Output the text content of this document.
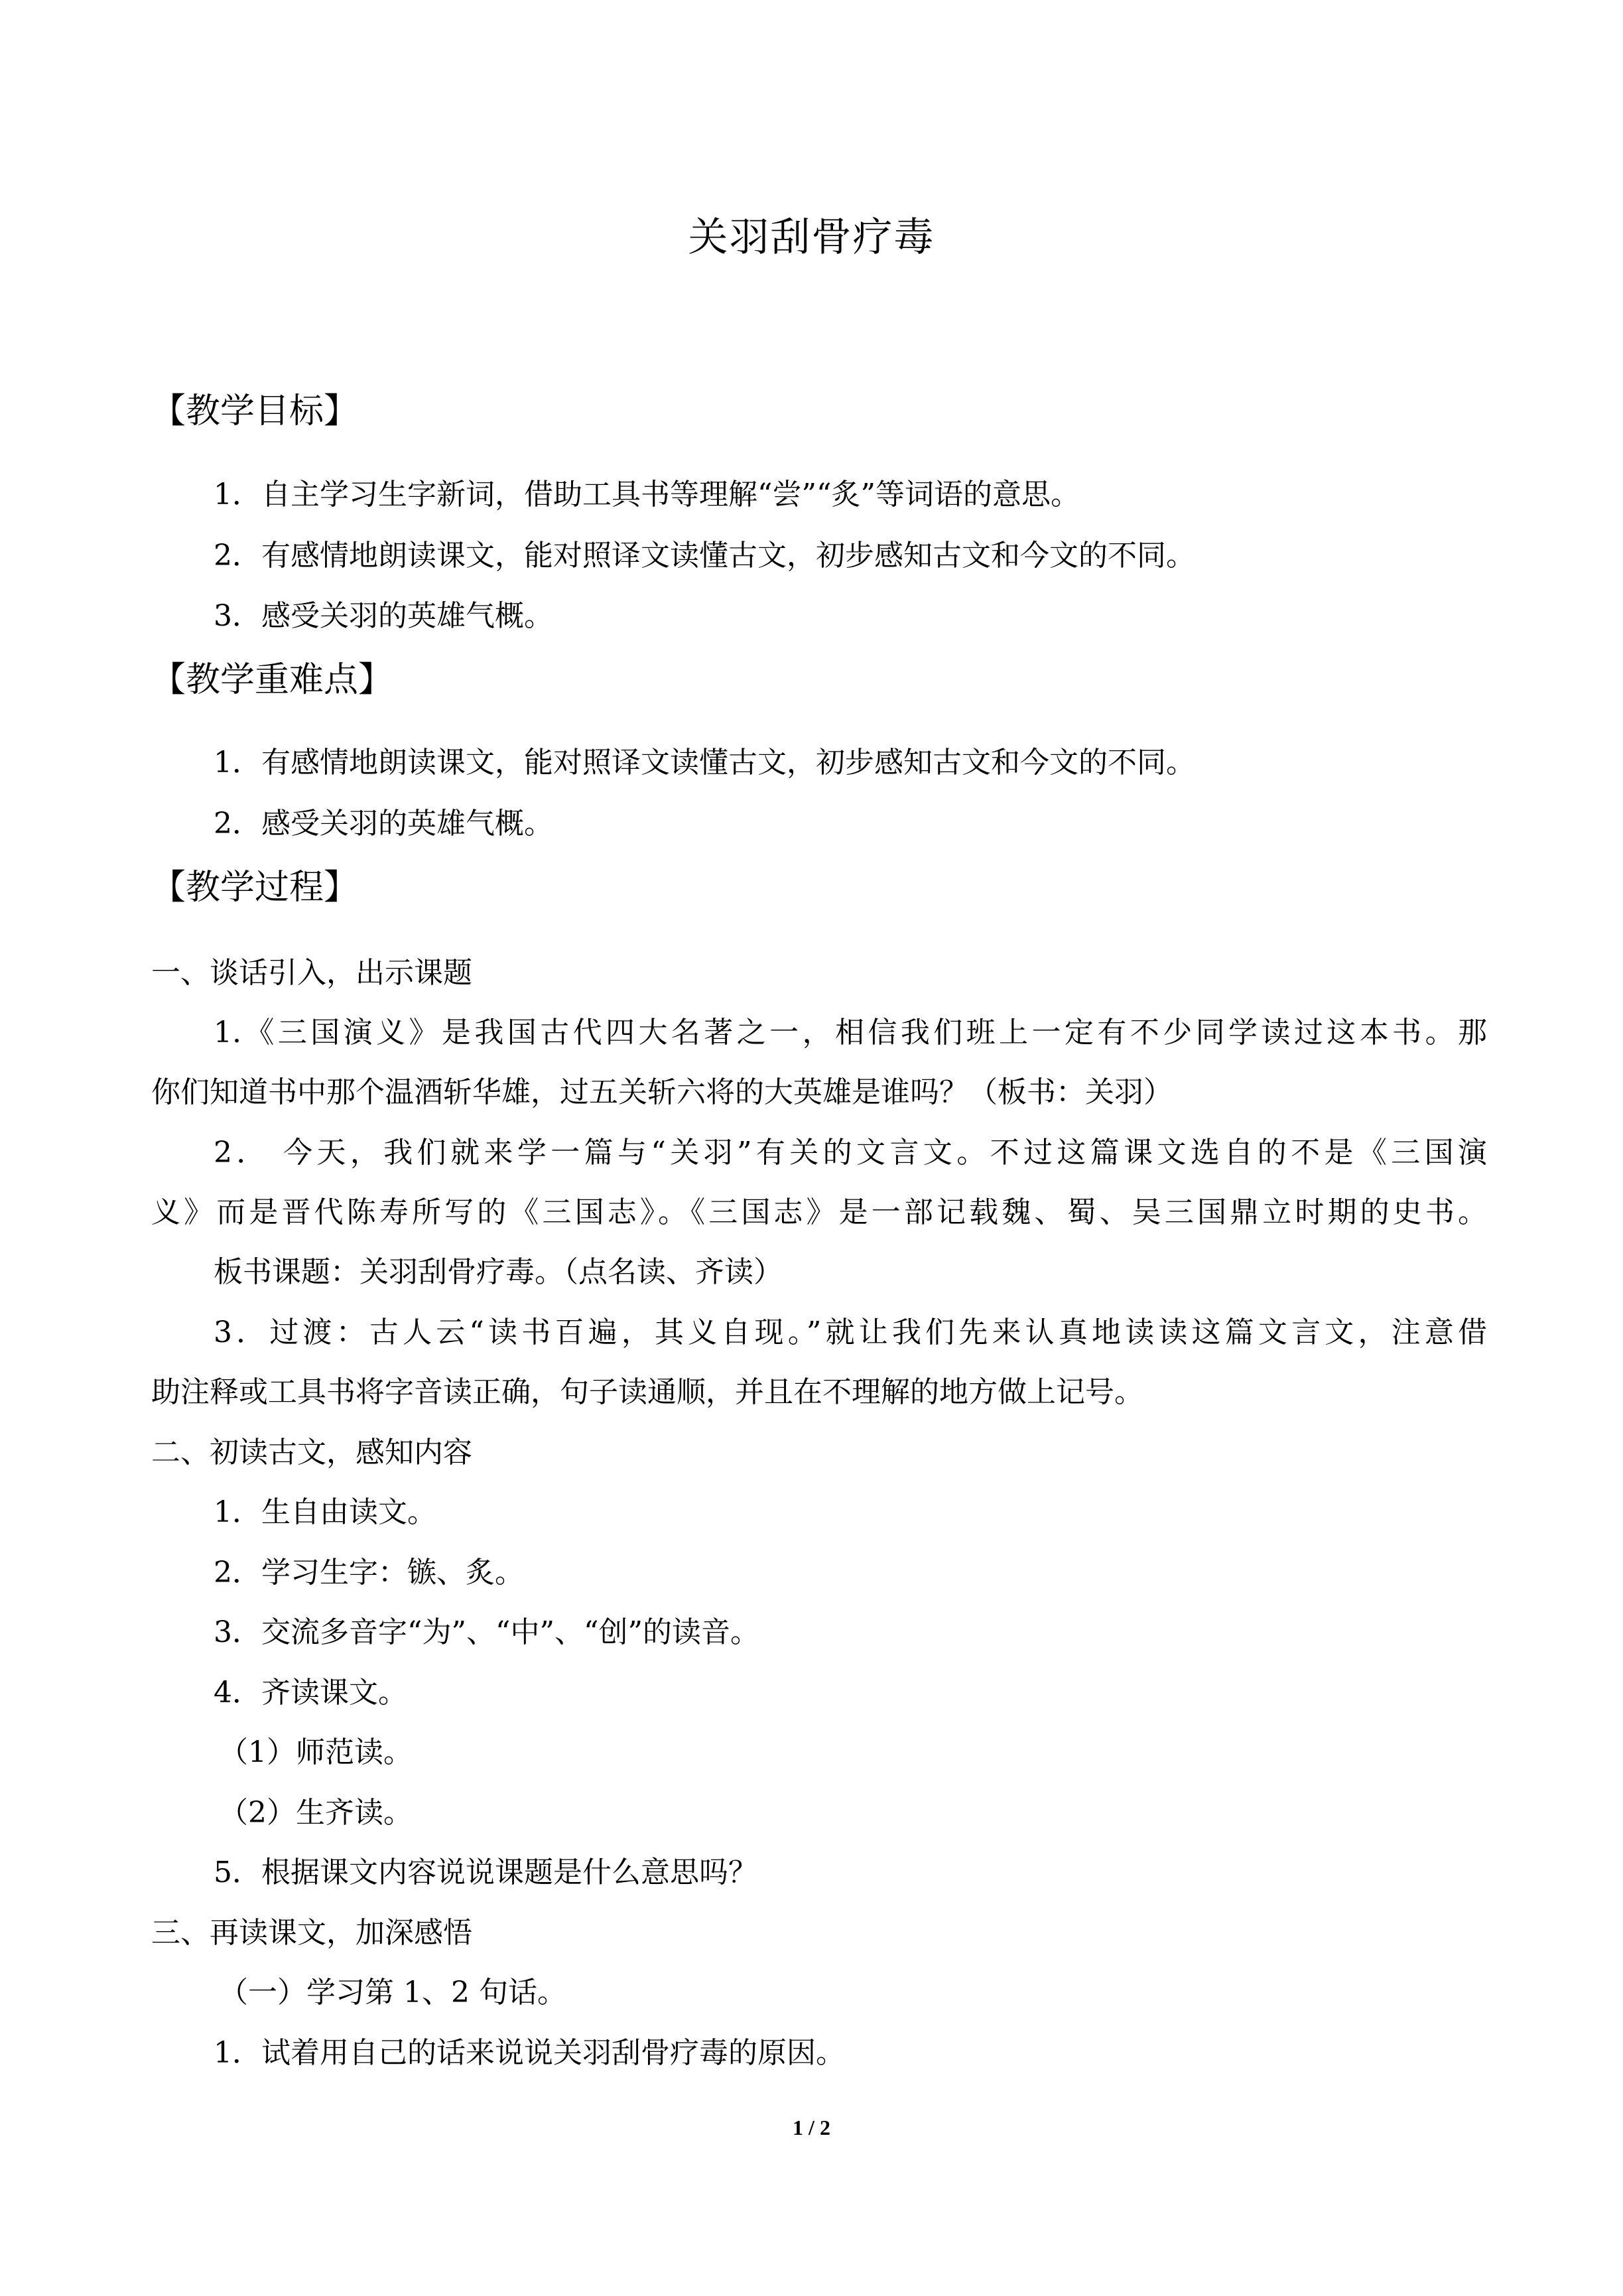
关羽刮骨疗毒
【教学目标】
1．自主学习生字新词，借助工具书等理解“尝”“炙”等词语的意思。
2．有感情地朗读课文，能对照译文读懂古文，初步感知古文和今文的不同。
3．感受关羽的英雄气概。
【教学重难点】
1．有感情地朗读课文，能对照译文读懂古文，初步感知古文和今文的不同。
2．感受关羽的英雄气概。
【教学过程】
一、谈话引入，出示课题
1.《三国演义》是我国古代四大名著之一，相信我们班上一定有不少同学读过这本书。那
你们知道书中那个温酒斩华雄，过五关斩六将的大英雄是谁吗？（板书：关羽）
2． 今天，我们就来学一篇与“关羽”有关的文言文。不过这篇课文选自的不是《三国演
义》而是晋代陈寿所写的《三国志》。《三国志》是一部记载魏、蜀、吴三国鼎立时期的史书。
板书课题：关羽刮骨疗毒。（点名读、齐读）
3．过渡：古人云“读书百遍，其义自现。”就让我们先来认真地读读这篇文言文，注意借
助注释或工具书将字音读正确，句子读通顺，并且在不理解的地方做上记号。
二、初读古文，感知内容
1．生自由读文。
2．学习生字：镞、炙。
3．交流多音字“为”、“中”、“创”的读音。
4．齐读课文。
（1）师范读。
（2）生齐读。
5．根据课文内容说说课题是什么意思吗？
三、再读课文，加深感悟
（一）学习第 1、2 句话。
1．试着用自己的话来说说关羽刮骨疗毒的原因。
1 / 2
